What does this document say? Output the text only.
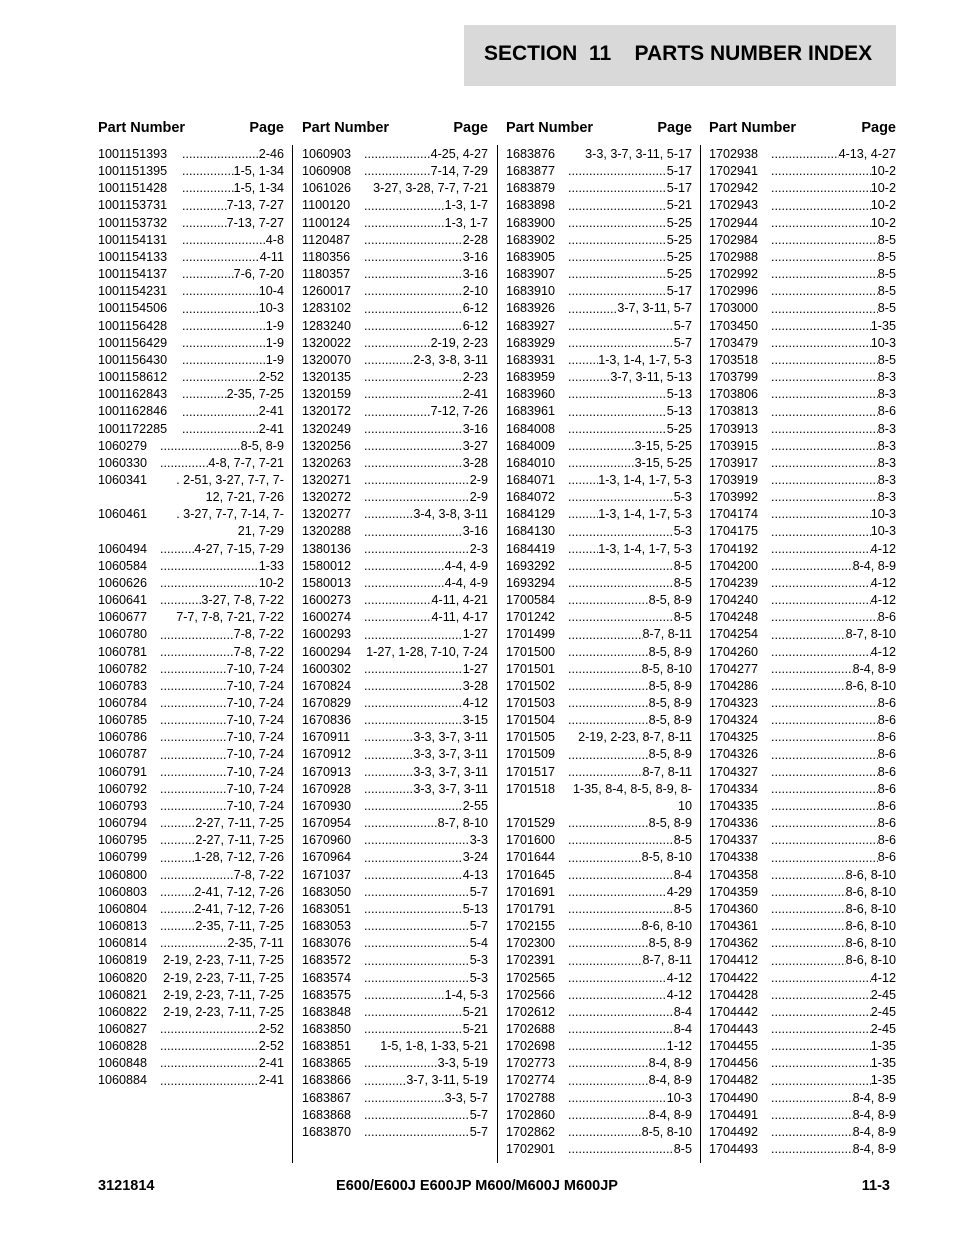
SECTION  11    PARTS NUMBER INDEX
Part Number	Page
1001151393 .....	2-46
1001151395 .....	1-5, 1-34
1001151428 .....	1-5, 1-34
1001153731 .....	7-13, 7-27
1001153732 .....	7-13, 7-27
1001154131 .....	4-8
1001154133 .....	4-11
1001154137 .....	7-6, 7-20
1001154231 .....	10-4
1001154506 .....	10-3
1001156428 .....	1-9
1001156429 .....	1-9
1001156430 .....	1-9
1001158612 .....	2-52
1001162843 .....	2-35, 7-25
1001162846 .....	2-41
1001172285 .....	2-41
1060279 .....	8-5, 8-9
1060330 .....	4-8, 7-7, 7-21
1060341	. 2-51, 3-27, 7-7, 7-12, 7-21, 7-26
1060461	. 3-27, 7-7, 7-14, 7-21, 7-29
1060494 .....	4-27, 7-15, 7-29
1060584 .....	1-33
1060626 .....	10-2
1060641 .....	3-27, 7-8, 7-22
1060677	7-7, 7-8, 7-21, 7-22
1060780 .....	7-8, 7-22
1060781 .....	7-8, 7-22
1060782 .....	7-10, 7-24
1060783 .....	7-10, 7-24
1060784 .....	7-10, 7-24
1060785 .....	7-10, 7-24
1060786 .....	7-10, 7-24
1060787 .....	7-10, 7-24
1060791 .....	7-10, 7-24
1060792 .....	7-10, 7-24
1060793 .....	7-10, 7-24
1060794 .....	2-27, 7-11, 7-25
1060795 .....	2-27, 7-11, 7-25
1060799 .....	1-28, 7-12, 7-26
1060800 .....	7-8, 7-22
1060803 .....	2-41, 7-12, 7-26
1060804 .....	2-41, 7-12, 7-26
1060813 .....	2-35, 7-11, 7-25
1060814 .....	2-35, 7-11
1060819	2-19, 2-23, 7-11, 7-25
1060820	2-19, 2-23, 7-11, 7-25
1060821	2-19, 2-23, 7-11, 7-25
1060822	2-19, 2-23, 7-11, 7-25
1060827 .....	2-52
1060828 .....	2-52
1060848 .....	2-41
1060884 .....	2-41
Part Number	Page
1060903 .....	4-25, 4-27
1060908 .....	7-14, 7-29
1061026	3-27, 3-28, 7-7, 7-21
1100120 .....	1-3, 1-7
1100124 .....	1-3, 1-7
1120487 .....	2-28
1180356 .....	3-16
1180357 .....	3-16
1260017 .....	2-10
1283102 .....	6-12
1283240 .....	6-12
1320022 .....	2-19, 2-23
1320070 .....	2-3, 3-8, 3-11
1320135 .....	2-23
1320159 .....	2-41
1320172 .....	7-12, 7-26
1320249 .....	3-16
1320256 .....	3-27
1320263 .....	3-28
1320271 .....	2-9
1320272 .....	2-9
1320277 .....	3-4, 3-8, 3-11
1320288 .....	3-16
1380136 .....	2-3
1580012 .....	4-4, 4-9
1580013 .....	4-4, 4-9
1600273 .....	4-11, 4-21
1600274 .....	4-11, 4-17
1600293 .....	1-27
1600294	1-27, 1-28, 7-10, 7-24
1600302 .....	1-27
1670824 .....	3-28
1670829 .....	4-12
1670836 .....	3-15
1670911 .....	3-3, 3-7, 3-11
1670912 .....	3-3, 3-7, 3-11
1670913 .....	3-3, 3-7, 3-11
1670928 .....	3-3, 3-7, 3-11
1670930 .....	2-55
1670954 .....	8-7, 8-10
1670960 .....	3-3
1670964 .....	3-24
1671037 .....	4-13
1683050 .....	5-7
1683051 .....	5-13
1683053 .....	5-7
1683076 .....	5-4
1683572 .....	5-3
1683574 .....	5-3
1683575 .....	1-4, 5-3
1683848 .....	5-21
1683850 .....	5-21
1683851	1-5, 1-8, 1-33, 5-21
1683865 .....	3-3, 5-19
1683866 .....	3-7, 3-11, 5-19
1683867 .....	3-3, 5-7
1683868 .....	5-7
1683870 .....	5-7
Part Number	Page
1683876	3-3, 3-7, 3-11, 5-17
1683877 .....	5-17
1683879 .....	5-17
1683898 .....	5-21
1683900 .....	5-25
1683902 .....	5-25
1683905 .....	5-25
1683907 .....	5-25
1683910 .....	5-17
1683926 .....	3-7, 3-11, 5-7
1683927 .....	5-7
1683929 .....	5-7
1683931 .....	1-3, 1-4, 1-7, 5-3
1683959 .....	3-7, 3-11, 5-13
1683960 .....	5-13
1683961 .....	5-13
1684008 .....	5-25
1684009 .....	3-15, 5-25
1684010 .....	3-15, 5-25
1684071 .....	1-3, 1-4, 1-7, 5-3
1684072 .....	5-3
1684129 .....	1-3, 1-4, 1-7, 5-3
1684130 .....	5-3
1684419 .....	1-3, 1-4, 1-7, 5-3
1693292 .....	8-5
1693294 .....	8-5
1700584 .....	8-5, 8-9
1701242 .....	8-5
1701499 .....	8-7, 8-11
1701500 .....	8-5, 8-9
1701501 .....	8-5, 8-10
1701502 .....	8-5, 8-9
1701503 .....	8-5, 8-9
1701504 .....	8-5, 8-9
1701505	2-19, 2-23, 8-7, 8-11
1701509 .....	8-5, 8-9
1701517 .....	8-7, 8-11
1701518	1-35, 8-4, 8-5, 8-9, 8-10
1701529 .....	8-5, 8-9
1701600 .....	8-5
1701644 .....	8-5, 8-10
1701645 .....	8-4
1701691 .....	4-29
1701791 .....	8-5
1702155 .....	8-6, 8-10
1702300 .....	8-5, 8-9
1702391 .....	8-7, 8-11
1702565 .....	4-12
1702566 .....	4-12
1702612 .....	8-4
1702688 .....	8-4
1702698 .....	1-12
1702773 .....	8-4, 8-9
1702774 .....	8-4, 8-9
1702788 .....	10-3
1702860 .....	8-4, 8-9
1702862 .....	8-5, 8-10
1702901 .....	8-5
Part Number	Page
1702938 .....	4-13, 4-27
1702941 .....	10-2
1702942 .....	10-2
1702943 .....	10-2
1702944 .....	10-2
1702984 .....	8-5
1702988 .....	8-5
1702992 .....	8-5
1702996 .....	8-5
1703000 .....	8-5
1703450 .....	1-35
1703479 .....	10-3
1703518 .....	8-5
1703799 .....	8-3
1703806 .....	8-3
1703813 .....	8-6
1703913 .....	8-3
1703915 .....	8-3
1703917 .....	8-3
1703919 .....	8-3
1703992 .....	8-3
1704174 .....	10-3
1704175 .....	10-3
1704192 .....	4-12
1704200 .....	8-4, 8-9
1704239 .....	4-12
1704240 .....	4-12
1704248 .....	8-6
1704254 .....	8-7, 8-10
1704260 .....	4-12
1704277 .....	8-4, 8-9
1704286 .....	8-6, 8-10
1704323 .....	8-6
1704324 .....	8-6
1704325 .....	8-6
1704326 .....	8-6
1704327 .....	8-6
1704334 .....	8-6
1704335 .....	8-6
1704336 .....	8-6
1704337 .....	8-6
1704338 .....	8-6
1704358 .....	8-6, 8-10
1704359 .....	8-6, 8-10
1704360 .....	8-6, 8-10
1704361 .....	8-6, 8-10
1704362 .....	8-6, 8-10
1704412 .....	8-6, 8-10
1704422 .....	4-12
1704428 .....	2-45
1704442 .....	2-45
1704443 .....	2-45
1704455 .....	1-35
1704456 .....	1-35
1704482 .....	1-35
1704490 .....	8-4, 8-9
1704491 .....	8-4, 8-9
1704492 .....	8-4, 8-9
1704493 .....	8-4, 8-9
3121814	E600/E600J E600JP M600/M600J M600JP	11-3
